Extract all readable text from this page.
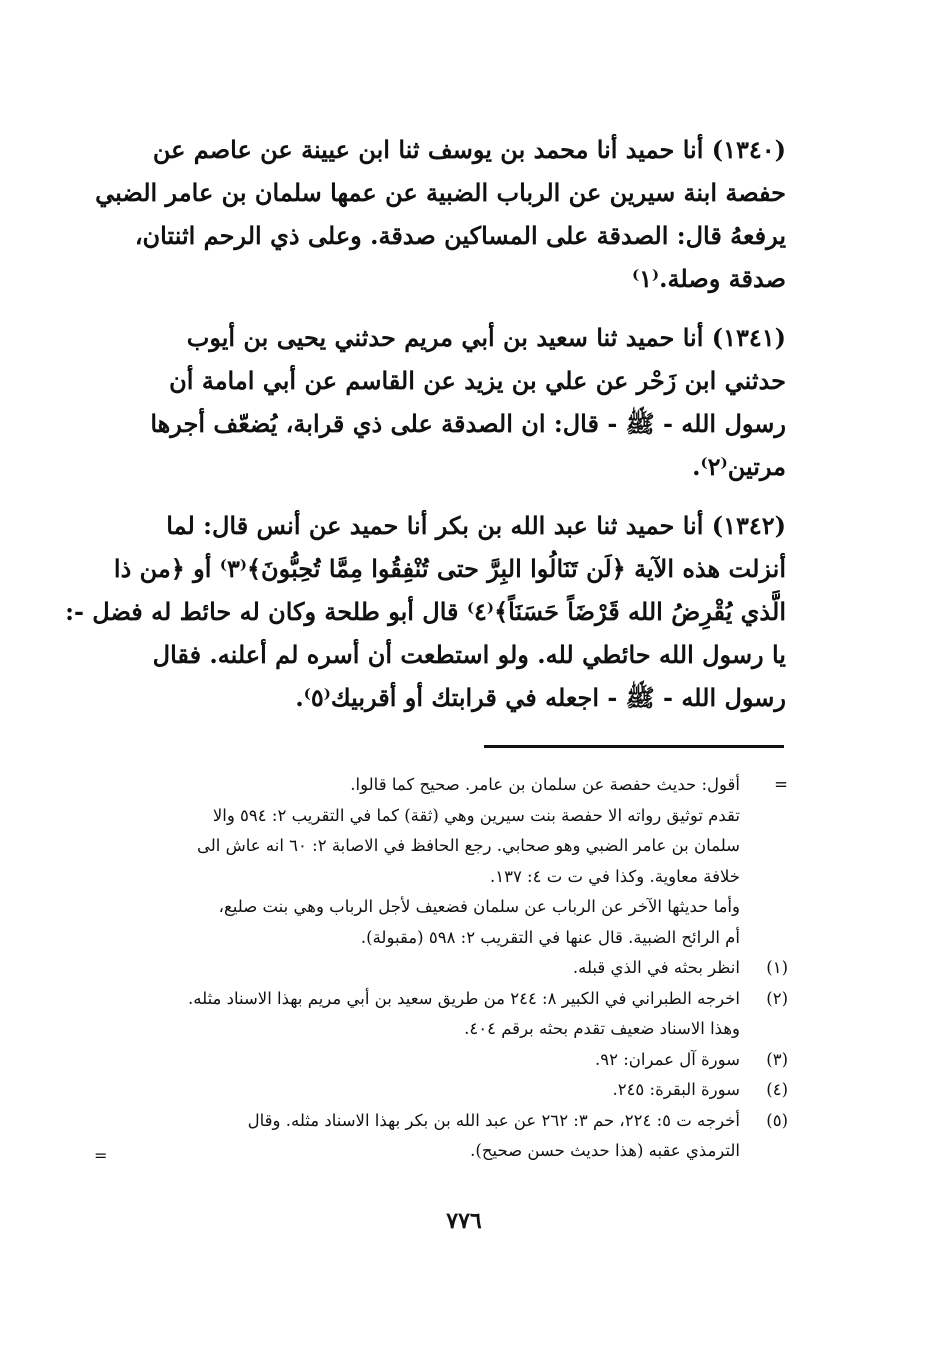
(١٣٤٠) أنا حميد أنا محمد بن يوسف ثنا ابن عيينة عن عاصم عن
حفصة ابنة سيرين عن الرباب الضبية عن عمها سلمان بن عامر الضبي
يرفعهُ قال: الصدقة على المساكين صدقة. وعلى ذي الرحم اثنتان،
صدقة وصلة.⁽١⁾
(١٣٤١) أنا حميد ثنا سعيد بن أبي مريم حدثني يحيى بن أيوب
حدثني ابن زَحْر عن علي بن يزيد عن القاسم عن أبي امامة أن
رسول الله - ﷺ - قال: ان الصدقة على ذي قرابة، يُضعّف أجرها
مرتين⁽٢⁾.
(١٣٤٢) أنا حميد ثنا عبد الله بن بكر أنا حميد عن أنس قال: لما
أنزلت هذه الآية ﴿لَن تَنَالُوا البِرَّ حتى تُنْفِقُوا مِمَّا تُحِبُّونَ﴾⁽٣⁾ أو ﴿من ذا
الَّذي يُقْرِضُ الله قَرْضَاً حَسَنَاً﴾⁽٤⁾ قال أبو طلحة وكان له حائط له فضل -:
يا رسول الله حائطي لله. ولو استطعت أن أسره لم أعلنه. فقال
رسول الله - ﷺ - اجعله في قرابتك أو أقربيك⁽٥⁾.
=
أقول: حديث حفصة عن سلمان بن عامر. صحيح كما قالوا.
تقدم توثيق رواته الا حفصة بنت سيرين وهي (ثقة) كما في التقريب ٢: ٥٩٤ والا
سلمان بن عامر الضبي وهو صحابي. رجع الحافظ في الاصابة ٢: ٦٠ انه عاش الى
خلافة معاوية. وكذا في ت ت ٤: ١٣٧.
وأما حديثها الآخر عن الرباب عن سلمان فضعيف لأجل الرباب وهي بنت صليع،
أم الرائح الضبية. قال عنها في التقريب ٢: ٥٩٨ (مقبولة).
(١)
انظر بحثه في الذي قبله.
(٢)
اخرجه الطبراني في الكبير ٨: ٢٤٤ من طريق سعيد بن أبي مريم بهذا الاسناد مثله.
وهذا الاسناد ضعيف تقدم بحثه برقم ٤٠٤.
(٣)
سورة آل عمران: ٩٢.
(٤)
سورة البقرة: ٢٤٥.
(٥)
أخرجه ت ٥: ٢٢٤، حم ٣: ٢٦٢ عن عبد الله بن بكر بهذا الاسناد مثله. وقال
الترمذي عقبه (هذا حديث حسن صحيح).
=
٧٧٦
